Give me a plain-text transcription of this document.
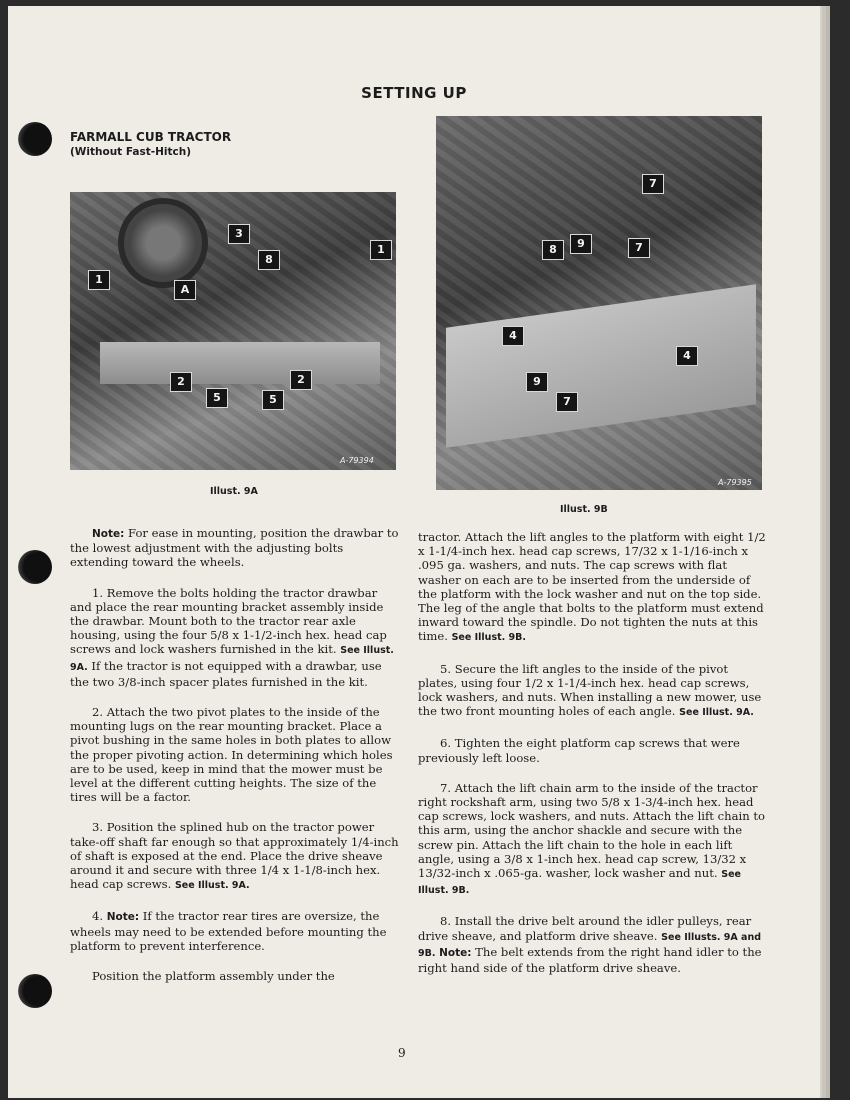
SETTING UP
FARMALL CUB TRACTOR
(Without Fast-Hitch)
3
8
1
1
A
2	2
5	5
A-79394
Illust. 9A
7
8	9	7
4
4
9
7
A-79395
Illust. 9B

Note: For ease in mounting, position the drawbar to the lowest adjustment with the adjusting bolts extending toward the wheels.

1. Remove the bolts holding the tractor drawbar and place the rear mounting bracket assembly inside the drawbar. Mount both to the tractor rear axle housing, using the four 5/8 x 1-1/2-inch hex. head cap screws and lock washers furnished in the kit. See Illust. 9A. If the tractor is not equipped with a drawbar, use the two 3/8-inch spacer plates furnished in the kit.

2. Attach the two pivot plates to the inside of the mounting lugs on the rear mounting bracket. Place a pivot bushing in the same holes in both plates to allow the proper pivoting action. In determining which holes are to be used, keep in mind that the mower must be level at the different cutting heights. The size of the tires will be a factor.

3. Position the splined hub on the tractor power take-off shaft far enough so that approximately 1/4-inch of shaft is exposed at the end. Place the drive sheave around it and secure with three 1/4 x 1-1/8-inch hex. head cap screws. See Illust. 9A.

4. Note: If the tractor rear tires are oversize, the wheels may need to be extended before mounting the platform to prevent interference.

Position the platform assembly under the

tractor. Attach the lift angles to the platform with eight 1/2 x 1-1/4-inch hex. head cap screws, 17/32 x 1-1/16-inch x .095 ga. washers, and nuts. The cap screws with flat washer on each are to be inserted from the underside of the platform with the lock washer and nut on the top side. The leg of the angle that bolts to the platform must extend inward toward the spindle. Do not tighten the nuts at this time. See Illust. 9B.

5. Secure the lift angles to the inside of the pivot plates, using four 1/2 x 1-1/4-inch hex. head cap screws, lock washers, and nuts. When installing a new mower, use the two front mounting holes of each angle. See Illust. 9A.

6. Tighten the eight platform cap screws that were previously left loose.

7. Attach the lift chain arm to the inside of the tractor right rockshaft arm, using two 5/8 x 1-3/4-inch hex. head cap screws, lock washers, and nuts. Attach the lift chain to this arm, using the anchor shackle and secure with the screw pin. Attach the lift chain to the hole in each lift angle, using a 3/8 x 1-inch hex. head cap screw, 13/32 x 13/32-inch x .065-ga. washer, lock washer and nut. See Illust. 9B.

8. Install the drive belt around the idler pulleys, rear drive sheave, and platform drive sheave. See Illusts. 9A and 9B. Note: The belt extends from the right hand idler to the right hand side of the platform drive sheave.

9
